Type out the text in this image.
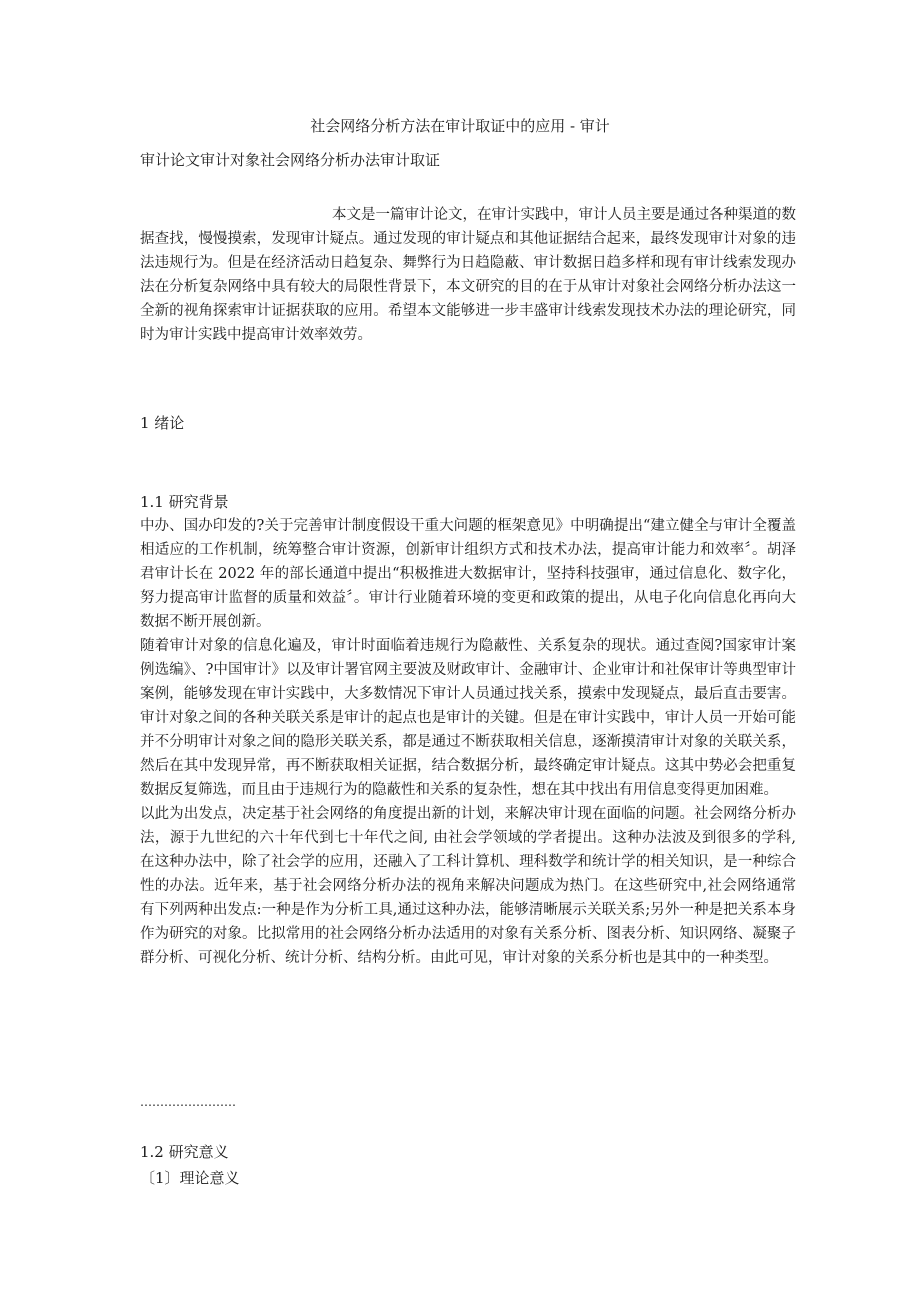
社会网络分析方法在审计取证中的应用 - 审计
审计论文审计对象社会网络分析办法审计取证

本文是一篇审计论文，在审计实践中，审计人员主要是通过各种渠道的数据查找，慢慢摸索，发现审计疑点。通过发现的审计疑点和其他证据结合起来，最终发现审计对象的违法违规行为。但是在经济活动日趋复杂、舞弊行为日趋隐蔽、审计数据日趋多样和现有审计线索发现办法在分析复杂网络中具有较大的局限性背景下，本文研究的目的在于从审计对象社会网络分析办法这一全新的视角探索审计证据获取的应用。希望本文能够进一步丰盛审计线索发现技术办法的理论研究，同时为审计实践中提高审计效率效劳。

1 绪论
1.1 研究背景

中办、国办印发的?关于完善审计制度假设干重大问题的框架意见》中明确提出“建立健全与审计全覆盖相适应的工作机制，统筹整合审计资源，创新审计组织方式和技术办法，提高审计能力和效率〞。胡泽君审计长在 2022 年的部长通道中提出“积极推进大数据审计，坚持科技强审，通过信息化、数字化，努力提高审计监督的质量和效益〞。审计行业随着环境的变更和政策的提出，从电子化向信息化再向大数据不断开展创新。

随着审计对象的信息化遍及，审计时面临着违规行为隐蔽性、关系复杂的现状。通过查阅?国家审计案例选编》、?中国审计》以及审计署官网主要波及财政审计、金融审计、企业审计和社保审计等典型审计案例，能够发现在审计实践中，大多数情况下审计人员通过找关系，摸索中发现疑点，最后直击要害。审计对象之间的各种关联关系是审计的起点也是审计的关键。但是在审计实践中，审计人员一开始可能并不分明审计对象之间的隐形关联关系，都是通过不断获取相关信息，逐渐摸清审计对象的关联关系，然后在其中发现异常，再不断获取相关证据，结合数据分析，最终确定审计疑点。这其中势必会把重复数据反复筛选，而且由于违规行为的隐蔽性和关系的复杂性，想在其中找出有用信息变得更加困难。

以此为出发点，决定基于社会网络的角度提出新的计划，来解决审计现在面临的问题。社会网络分析办法，源于九世纪的六十年代到七十年代之间, 由社会学领域的学者提出。这种办法波及到很多的学科, 在这种办法中，除了社会学的应用，还融入了工科计算机、理科数学和统计学的相关知识，是一种综合性的办法。近年来，基于社会网络分析办法的视角来解决问题成为热门。在这些研究中,社会网络通常有下列两种出发点:一种是作为分析工具,通过这种办法，能够清晰展示关联关系;另外一种是把关系本身作为研究的对象。比拟常用的社会网络分析办法适用的对象有关系分析、图表分析、知识网络、凝聚子群分析、可视化分析、统计分析、结构分析。由此可见，审计对象的关系分析也是其中的一种类型。

……………………
1.2 研究意义
〔1〕理论意义
